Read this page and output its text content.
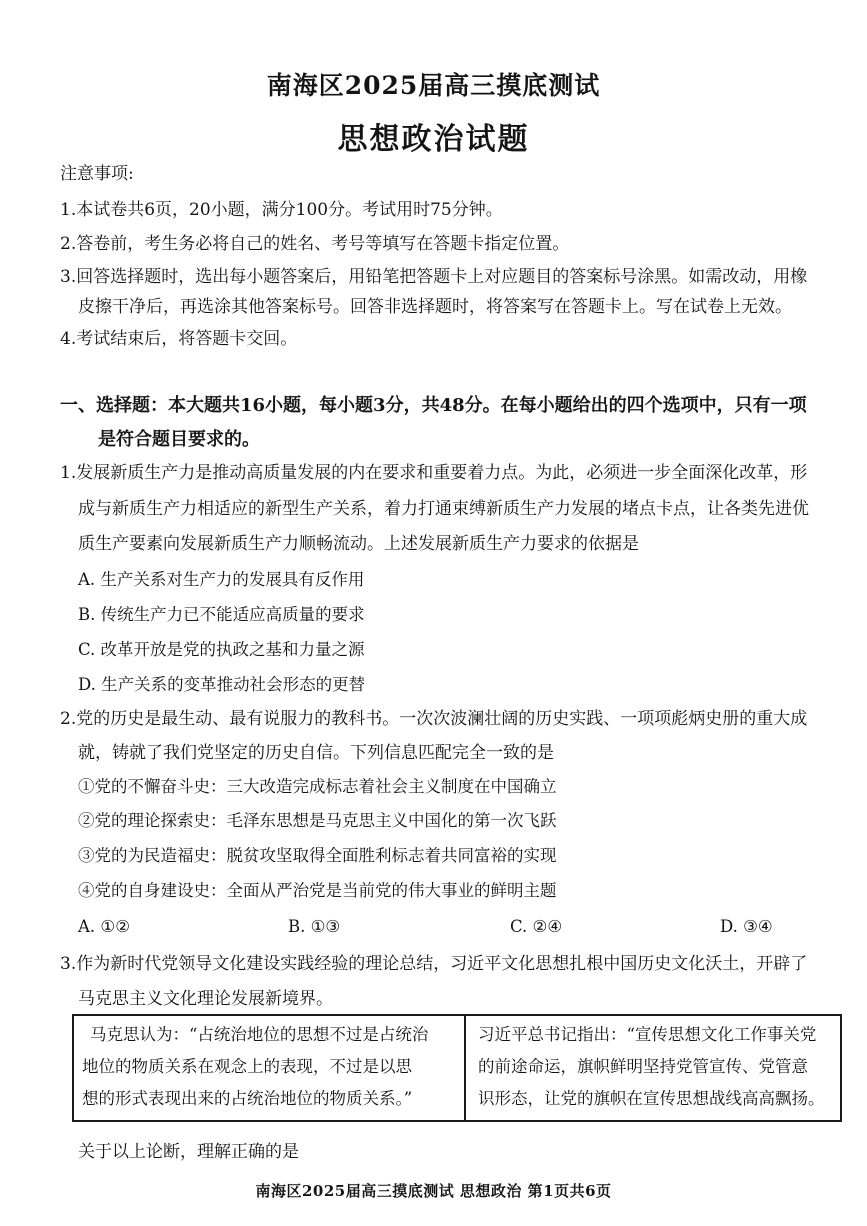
南海区2025届高三摸底测试
思想政治试题
注意事项:
1.本试卷共6页，20小题，满分100分。考试用时75分钟。
2.答卷前，考生务必将自己的姓名、考号等填写在答题卡指定位置。
3.回答选择题时，选出每小题答案后，用铅笔把答题卡上对应题目的答案标号涂黑。如需改动，用橡
皮擦干净后，再选涂其他答案标号。回答非选择题时，将答案写在答题卡上。写在试卷上无效。
4.考试结束后，将答题卡交回。
一、选择题：本大题共16小题，每小题3分，共48分。在每小题给出的四个选项中，只有一项
是符合题目要求的。
1.发展新质生产力是推动高质量发展的内在要求和重要着力点。为此，必须进一步全面深化改革，形
成与新质生产力相适应的新型生产关系，着力打通束缚新质生产力发展的堵点卡点，让各类先进优
质生产要素向发展新质生产力顺畅流动。上述发展新质生产力要求的依据是
A. 生产关系对生产力的发展具有反作用
B. 传统生产力已不能适应高质量的要求
C. 改革开放是党的执政之基和力量之源
D. 生产关系的变革推动社会形态的更替
2.党的历史是最生动、最有说服力的教科书。一次次波澜壮阔的历史实践、一项项彪炳史册的重大成
就，铸就了我们党坚定的历史自信。下列信息匹配完全一致的是
①党的不懈奋斗史：三大改造完成标志着社会主义制度在中国确立
②党的理论探索史：毛泽东思想是马克思主义中国化的第一次飞跃
③党的为民造福史：脱贫攻坚取得全面胜利标志着共同富裕的实现
④党的自身建设史：全面从严治党是当前党的伟大事业的鲜明主题
A. ①②	B. ①③	C. ②④	D. ③④
3.作为新时代党领导文化建设实践经验的理论总结，习近平文化思想扎根中国历史文化沃土，开辟了
马克思主义文化理论发展新境界。
马克思认为：“占统治地位的思想不过是占统治
地位的物质关系在观念上的表现，不过是以思
想的形式表现出来的占统治地位的物质关系。”
习近平总书记指出：“宣传思想文化工作事关党
的前途命运，旗帜鲜明坚持党管宣传、党管意
识形态，让党的旗帜在宣传思想战线高高飘扬。
关于以上论断，理解正确的是
南海区2025届高三摸底测试 思想政治 第1页共6页
